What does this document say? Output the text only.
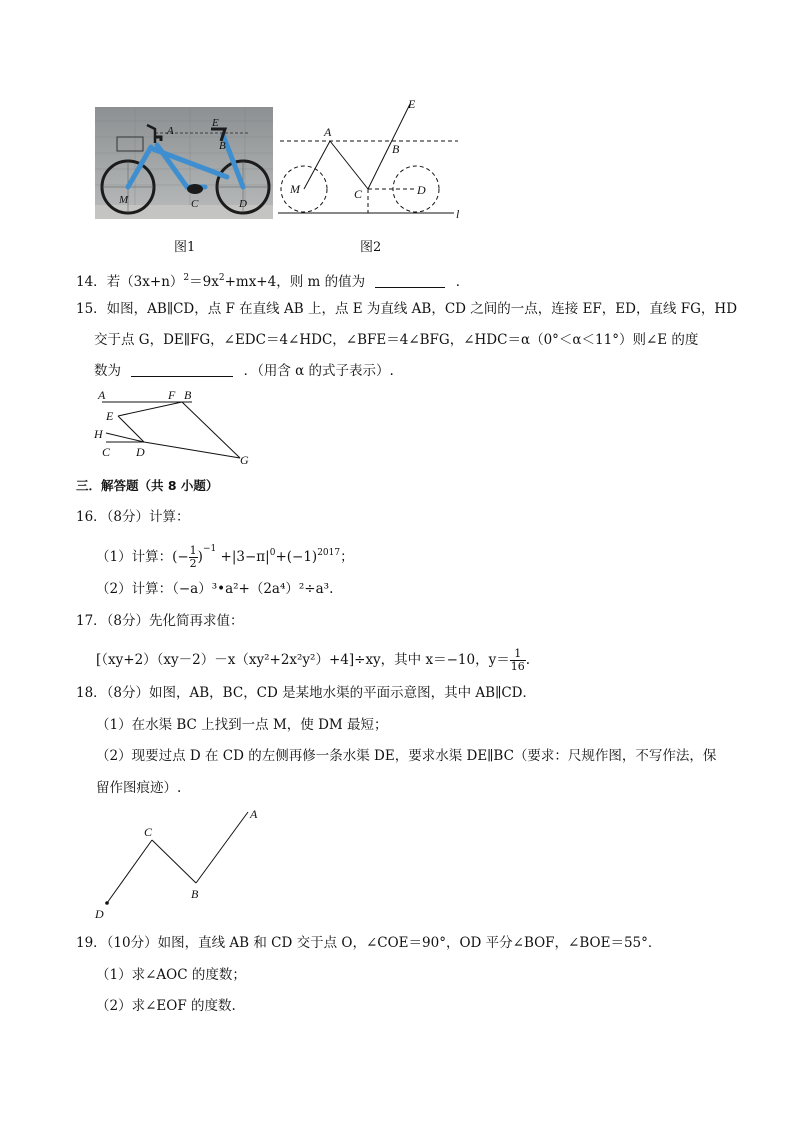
A
E
B
M	C	D
图1
E
A
B
M	C	D
l
图2
14．若$(3x+n)^2=9x^2+mx+4$，则 m 的值为	．
15．如图，AB∥CD，点 F 在直线 AB 上，点 E 为直线 AB，CD 之间的一点，连接 EF，ED，直线 FG，HD
交于点 G，DE∥FG，∠EDC＝4∠HDC，∠BFE＝4∠BFG，∠HDC＝α（0°＜α＜11°）则∠E 的度
数为	．（用含 α 的式子表示）.
A	F B
E
H
C D
G
三．解答题（共 8 小题）
16．（8分）计算：
（1）计算：(− $\frac{1}{2} )^{-1} +|3-\pi|^0+(-1)^{2017}$；
（2）计算：（−a）³•a²+（2a⁴）²÷a³.
17．（8分）先化简再求值：
[（xy+2）（xy－2）－x（xy²+2x²y²）+4]÷xy，其中 x＝−10，$y= \frac{1}{16}$ .
18．（8分）如图，AB，BC，CD 是某地水渠的平面示意图，其中 AB∥CD．
（1）在水渠 BC 上找到一点 M，使 DM 最短；
（2）现要过点 D 在 CD 的左侧再修一条水渠 DE，要求水渠 DE∥BC（要求：尺规作图，不写作法，保
留作图痕迹）.
A
C
B
D
19．（10分）如图，直线 AB 和 CD 交于点 O，∠COE＝90°，OD 平分∠BOF，∠BOE＝55°．
（1）求∠AOC 的度数；
（2）求∠EOF 的度数.
